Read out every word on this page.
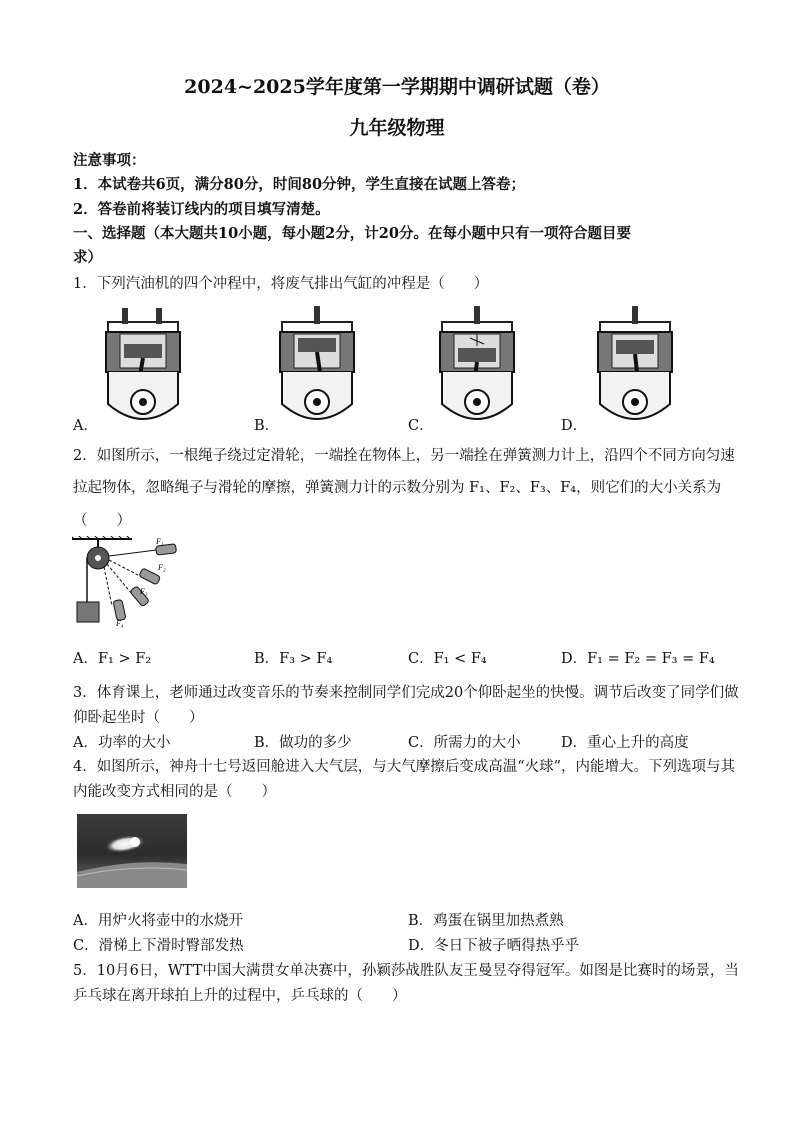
2024~2025学年度第一学期期中调研试题（卷）
九年级物理
注意事项：
1．本试卷共6页，满分80分，时间80分钟，学生直接在试题上答卷；
2．答卷前将装订线内的项目填写清楚。
一、选择题（本大题共10小题，每小题2分，计20分。在每小题中只有一项符合题目要
求）
1．下列汽油机的四个冲程中，将废气排出气缸的冲程是（　　）
A．	B．	C．	D．
2．如图所示，一根绳子绕过定滑轮，一端拴在物体上，另一端拴在弹簧测力计上，沿四个不同方向匀速
拉起物体，忽略绳子与滑轮的摩擦，弹簧测力计的示数分别为 F₁、F₂、F₃、F₄，则它们的大小关系为
（　　）
F₁
F₂
F₃
F₄
A．F₁ > F₂	B．F₃ > F₄	C．F₁ < F₄	D．F₁ = F₂ = F₃ = F₄
3．体育课上，老师通过改变音乐的节奏来控制同学们完成20个仰卧起坐的快慢。调节后改变了同学们做
仰卧起坐时（　　）
A．功率的大小	B．做功的多少	C．所需力的大小	D．重心上升的高度
4．如图所示，神舟十七号返回舱进入大气层，与大气摩擦后变成高温“火球”，内能增大。下列选项与其
内能改变方式相同的是（　　）
A．用炉火将壶中的水烧开	B．鸡蛋在锅里加热煮熟
C．滑梯上下滑时臀部发热	D．冬日下被子晒得热乎乎
5．10月6日，WTT中国大满贯女单决赛中，孙颖莎战胜队友王曼昱夺得冠军。如图是比赛时的场景，当
乒乓球在离开球拍上升的过程中，乒乓球的（　　）
